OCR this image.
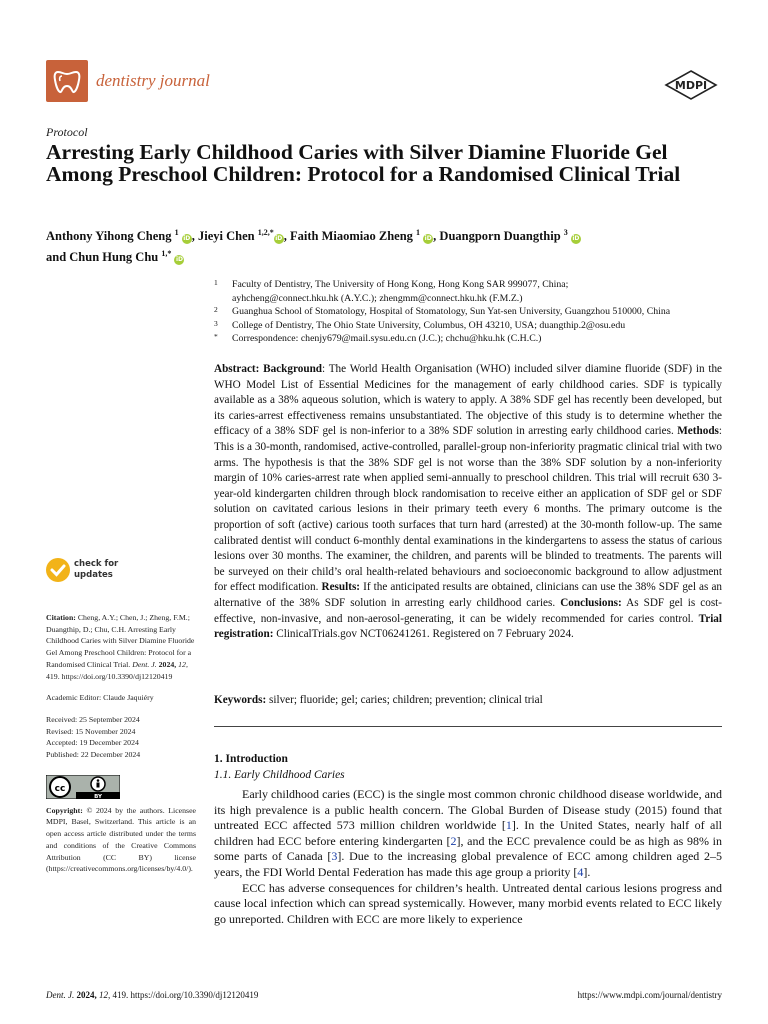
dentistry journal	MDPI
Protocol
Arresting Early Childhood Caries with Silver Diamine Fluoride Gel Among Preschool Children: Protocol for a Randomised Clinical Trial
Anthony Yihong Cheng $^1$ iD, Jieyi Chen $^{1,2,*}$iD, Faith Miaomiao Zheng $^1$ iD, Duangporn Duangthip $^3$ iD
and Chun Hung Chu $^{1,*}$ iD
1 Faculty of Dentistry, The University of Hong Kong, Hong Kong SAR 999077, China;
ayhcheng@connect.hku.hk (A.Y.C.); zhengmm@connect.hku.hk (F.M.Z.)
2 Guanghua School of Stomatology, Hospital of Stomatology, Sun Yat-sen University, Guangzhou 510000, China
3 College of Dentistry, The Ohio State University, Columbus, OH 43210, USA; duangthip.2@osu.edu
* Correspondence: chenjy679@mail.sysu.edu.cn (J.C.); chchu@hku.hk (C.H.C.)

Abstract: Background: The World Health Organisation (WHO) included silver diamine fluoride (SDF) in the WHO Model List of Essential Medicines for the management of early childhood caries. SDF is typically available as a 38% aqueous solution, which is watery to apply. A 38% SDF gel has recently been developed, but its caries-arrest effectiveness remains unsubstantiated. The objective of this study is to determine whether the efficacy of a 38% SDF gel is non-inferior to a 38% SDF solution in arresting early childhood caries. Methods: This is a 30-month, randomised, active-controlled, parallel-group non-inferiority pragmatic clinical trial with two arms. The hypothesis is that the 38% SDF gel is not worse than the 38% SDF solution by a non-inferiority margin of 10% caries-arrest rate when applied semi-annually to preschool children. This trial will recruit 630 3-year-old kindergarten children through block randomisation to receive either an application of SDF gel or SDF solution on cavitated carious lesions in their primary teeth every 6 months. The primary outcome is the proportion of soft (active) carious tooth surfaces that turn hard (arrested) at the 30-month follow-up. The same calibrated dentist will conduct 6-monthly dental examinations in the kindergartens to assess the status of carious lesions over 30 months. The examiner, the children, and parents will be blinded to treatments. The parents will be surveyed on their child’s oral health-related behaviours and socioeconomic background to allow adjustment for effect modification. Results: If the anticipated results are obtained, clinicians can use the 38% SDF gel as an alternative of the 38% SDF solution in arresting early childhood caries. Conclusions: As SDF gel is cost-effective, non-invasive, and non-aerosol-generating, it can be widely recommended for caries control. Trial registration: ClinicalTrials.gov NCT06241261. Registered on 7 February 2024.

Keywords: silver; fluoride; gel; caries; children; prevention; clinical trial

1. Introduction
1.1. Early Childhood Caries

Early childhood caries (ECC) is the single most common chronic childhood disease worldwide, and its high prevalence is a public health concern. The Global Burden of Disease study (2015) found that untreated ECC affected 573 million children worldwide [1]. In the United States, nearly half of all children had ECC before entering kindergarten [2], and the ECC prevalence could be as high as 98% in some parts of Canada [3]. Due to the increasing global prevalence of ECC among children aged 2–5 years, the FDI World Dental Federation has made this age group a priority [4].

ECC has adverse consequences for children’s health. Untreated dental carious lesions progress and cause local infection which can spread systemically. However, many morbid events related to ECC likely go unreported. Children with ECC are more likely to experience

check for
updates

Citation: Cheng, A.Y.; Chen, J.; Zheng, F.M.; Duangthip, D.; Chu, C.H. Arresting Early Childhood Caries with Silver Diamine Fluoride Gel Among Preschool Children: Protocol for a Randomised Clinical Trial. Dent. J. 2024, 12, 419. https://doi.org/10.3390/dj12120419

Academic Editor: Claude Jaquiéry

Received: 25 September 2024

Revised: 15 November 2024

Accepted: 19 December 2024

Published: 22 December 2024

cc
BY

Copyright: © 2024 by the authors. Licensee MDPI, Basel, Switzerland. This article is an open access article distributed under the terms and conditions of the Creative Commons Attribution (CC BY) license (https://creativecommons.org/licenses/by/4.0/).

Dent. J. 2024, 12, 419. https://doi.org/10.3390/dj12120419	https://www.mdpi.com/journal/dentistry
